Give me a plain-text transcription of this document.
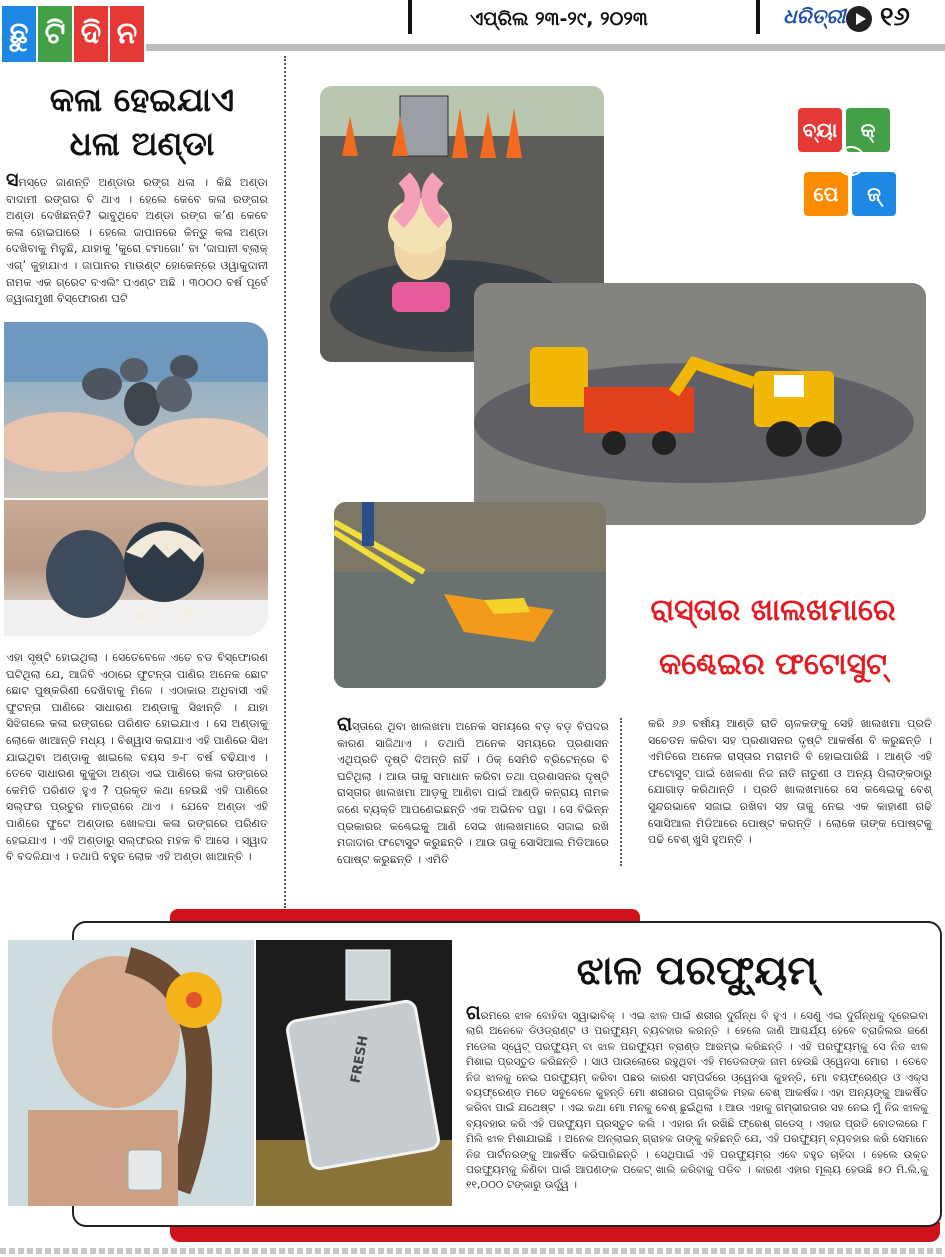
ଛୁ ଟି ଦି ନ	ଏପ୍ରିଲ ୨୩-୨୯, ୨୦୨୩	ଧରିତ୍ରୀ ୧୬
କଳା ହେଇଯାଏ
ଧଳା ଅଣ୍ଡା
ସମସ୍ତେ ଜାଣନ୍ତି ଅଣ୍ଡାର ରଙ୍ଗ ଧଳା । କିଛି ଅଣ୍ଡା ବାଦାମୀ ରଙ୍ଗର ବି ଥାଏ । ହେଲେ କେବେ କଳା ରଙ୍ଗର ଅଣ୍ଡା ଦେଖିଛନ୍ତି? ଭାବୁଥିବେ ଅଣ୍ଡା ରଙ୍ଗ କ’ଣ କେବେ କଳା ହୋଇପାରେ । ହେଲେ ଜାପାନରେ କିନ୍ତୁ କଳା ଅଣ୍ଡା ଦେଖିବାକୁ ମିଳୁଛି, ଯାହାକୁ ‘କୁରୋ ଟମାଗୋ’ ବା ‘ଜାପାନୀ ବ୍ଲାକ୍ ଏଗ୍’ କୁହାଯାଏ । ଜାପାନର ମାଉଣ୍ଟ ହୋକେନ୍‌ରେ ଓୱାକୁଦାନୀ ନାମକ ଏକ ଗ୍ରେଟ ବଏଲିଂ ପଏଣ୍ଟ ଅଛି । ୩୦୦୦ ବର୍ଷ ପୂର୍ବେ ଜ୍ୱାଳାମୁଖୀ ବିସ୍ଫୋରଣ ଘଟି
ଏହା ସୃଷ୍ଟି ହୋଇଥିଲା । ସେତେବେଳେ ଏତେ ବଡ ବିସ୍ଫୋରଣ ଘଟିଥିଲା ଯେ, ଆଜିବି ଏଠାରେ ଫୁଟନ୍ତା ପାଣିର ଅନେକ ଛୋଟ ଛୋଟ ପୁଷ୍କରିଣୀ ଦେଖିବାକୁ ମିଳେ । ଏଠାକାର ଅଧିବାସୀ ଏହି ଫୁଟନ୍ତା ପାଣିରେ ସାଧାରଣ ଅଣ୍ଡାକୁ ସିଝାନ୍ତି । ଯାହା ସିଝିଗଲେ କଳା ରଙ୍ଗରେ ପରିଣତ ହୋଇଯାଏ । ସେ ଅଣ୍ଡାକୁ ଲୋକେ ଖାଆନ୍ତି ମଧ୍ୟ । ବିଶ୍ୱାସ କରାଯାଏ ଏହି ପାଣିରେ ସିଝା ଯାଇଥିବା ଅଣ୍ଡାକୁ ଖାଇଲେ ବୟସ ୭-୮ ବର୍ଷ ବଢିଯାଏ । ତେବେ ସାଧାରଣ କୁକୁଡା ଅଣ୍ଡା ଏଇ ପାଣିରେ କଳା ରଙ୍ଗରେ କେମିତି ପରିଣତ ହୁଏ ? ପ୍ରକୃତ କଥା ହେଉଛି ଏହି ପାଣିରେ ସଲ୍ଫର ପ୍ରଚୁର ମାତ୍ରାରେ ଥାଏ । ଯେବେ ଅଣ୍ଡା ଏହି ପାଣିରେ ଫୁଟେ ଅଣ୍ଡାର ଖୋଳପା କଳା ରଙ୍ଗରେ ପରିଣତ ହେଇଯାଏ । ଏହି ଅଣ୍ଡାରୁ ସଲ୍ଫରର ମହକ ବି ଆସେ । ସ୍ୱାଦ ବି ବଦଳିଯାଏ । ତଥାପି ବହୁତ ଲୋକ ଏହି ଅଣ୍ଡା ଖାଆନ୍ତି ।
ବ୍ୟା	କ୍
ପେ	ଜ୍
ରାସ୍ତାର ଖାଲଖମାରେ
କଣ୍ଢେଇର ଫଟୋସୁଟ୍
ରାସ୍ତାରେ ଥିବା ଖାଲଖମା ଅନେକ ସମୟରେ ବଡ଼ ବଡ଼ ବିପଦର କାରଣ ସାଜିଥାଏ । ତଥାପି ଅନେକ ସମୟରେ ପ୍ରଶାସନ ଏଥିପ୍ରତି ଦୃଷ୍ଟି ଦିଅନ୍ତି ନାହିଁ । ଠିକ୍ ସେମିତି ବ୍ରିଟେନ୍‌ରେ ବି ଘଟିଥିଲା । ଆଉ ତାକୁ ସମାଧାନ କରିବା ତଥା ପ୍ରଶାସନର ଦୃଷ୍ଟି ରାସ୍ତାର ଖାଲଖମା ଆଡ଼କୁ ଆଣିବା ପାଇଁ ଆଣ୍ଡି କନ୍‌ରାୟ ନାମକ ଜଣେ ବ୍ୟକ୍ତି ଆପଣେଇଛନ୍ତି ଏକ ଅଭିନବ ପନ୍ଥା । ସେ ବିଭିନ୍ନ ପ୍ରକାରର କଣ୍ଢେଇକୁ ଆଣି ସେଇ ଖାଲଖମାରେ ସଜାଇ ରଖି ମଜାଦାର ଫଟୋସୁଟ କରୁଛନ୍ତି । ଆଉ ତାକୁ ସୋସିଆଲ ମିଡିଆରେ ପୋଷ୍ଟ କରୁଛନ୍ତି । ଏମିତି
କରି ୬୬ ବର୍ଷୀୟ ଆଣ୍ଡି ରାତି ଚାଳକଙ୍କୁ ସେହି ଖାଲଖମା ପ୍ରତି ସଚେତନ କରିବା ସହ ପ୍ରଶାସନର ଦୃଷ୍ଟି ଆକର୍ଷଣ ବି କରୁଛନ୍ତି । ଏମିତିରେ ଅନେକ ରାସ୍ତାର ମରାମତି ବି ହୋଇପାରିଛି । ଆଣ୍ଡି ଏହି ଫଟୋସୁଟ୍ ପାଇଁ ଖେଳଣା ନିଜ ନାତି ନାତୁଣୀ ଓ ଅନ୍ୟ ପିଲାଙ୍କଠାରୁ ଯୋଗାଡ଼ କରିଥାନ୍ତି । ପ୍ରତି ଖାଲଖମାରେ ସେ କଣ୍ଢେଇକୁ ବେଶ୍ ସୁନ୍ଦରଭାବେ ସଜାଇ ରଖିବା ସହ ତାକୁ ନେଇ ଏକ କାହାଣୀ ଗଢି ସୋସିଆଲ ମିଡିଆରେ ପୋଷ୍ଟ କରନ୍ତି । ଲୋକେ ତାଙ୍କ ପୋଷ୍ଟକୁ ପଢି ବେଶ୍ ଖୁସି ହୁଅନ୍ତି ।
FRESH
ଝାଳ ପରଫ୍ୟୁମ୍
ଗରମରେ ଝାଳ ବୋହିବା ସ୍ୱାଭାବିକ୍ । ଏଇ ଝାଳ ପାଇଁ ଶରୀର ଦୁର୍ଗନ୍ଧ ବି ହୁଏ । ସେଣୁ ଏଇ ଦୁର୍ଗନ୍ଧକୁ ଦୂରେଇବା ଲାଗି ଅନେକେ ଡିଓଡ୍ରାଣ୍ଟ ଓ ପରଫ୍ୟୁମ୍ ବ୍ୟବହାର କରନ୍ତି । ହେଲେ ଜାଣି ଆଶ୍ଚର୍ଯ୍ୟ ହେବେ ବ୍ରାଜିଲର ଜଣେ ମଡେଲ ସ୍ୱେଟ୍ ପରଫ୍ୟୁମ୍ ବା ଝାଳ ପରଫ୍ୟୁମ ବ୍ରାଣ୍ଡ ଆରମ୍ଭ କରିଛନ୍ତି । ଏହି ପରଫ୍ୟୁମ୍‌କୁ ସେ ନିଜ ଝାଳ ମିଶାଇ ପ୍ରସ୍ତୁତ କରିଛନ୍ତି । ସାଓ ପାଉଲୋରେ ରହୁଥିବା ଏହି ମଡେଲଙ୍କ ନାମ ହେଉଛି ଓ୍ୱେନସା ମୋରା । ତେବେ ନିଜ ଝାଳକୁ ନେଇ ପରଫ୍ୟୁମ୍ କରିବା ପଛର କାରଣ ସମ୍ପର୍କରେ ଓ୍ୱେନସା କୁହନ୍ତି, ମୋ ବୟଫ୍ରେଣ୍ଡ ଓ ଏକ୍ସ ବୟଫ୍ରେଣ୍ଡ ମତେ ସବୁବେଳେ କୁହନ୍ତି ମୋ ଶରୀରର ପ୍ରାକୃତିକ ମହକ ବେଶ୍ ଆକର୍ଷକ। ଏହା ଅନ୍ୟଙ୍କୁ ଆକର୍ଷିତ କରିବା ପାଇଁ ଯଥେଷ୍ଟ । ଏଇ କଥା ମୋ ମନକୁ ବେଶ୍ ଛୁଇଁଥିଲା । ଆଉ ଏହାକୁ ଗମ୍ଭୀରତାର ସହ ନେଇ ମୁଁ ନିଜ ଝାଳକୁ ବ୍ୟବହାର କରି ଏହି ପରଫ୍ୟୁମ ପ୍ରସ୍ତୁତ କଲି । ଏହାର ନାଁ ରଖିଛି ଫ୍ରେଶ୍ ଗଡେସ୍ । ଏହାର ପ୍ରତି ବୋତଲରେ ୮ ମିଲି ଝାଳ ମିଶାଯାଇଛି । ଅନେକ ଅନ୍‌ଲାଇନ୍ ଗ୍ରାହକ ତାଙ୍କୁ କହିଛନ୍ତି ଯେ, ଏହି ପରଫ୍ୟୁମ୍ ବ୍ୟବହାର କରି ସେମାନେ ନିଜ ପାର୍ଟନରଙ୍କୁ ଆକର୍ଷିତ କରିପାରିଛନ୍ତି । ସେଥିପାଇଁ ଏହି ପରଫ୍ୟୁମ୍‌ର ଏବେ ବହୁତ ଚାହିଦା । ହେଲେ ଉକ୍ତ ପରଫ୍ୟୁମ୍‌କୁ କିଣିବା ପାଇଁ ଆପଣଙ୍କ ପକେଟ୍ ଖାଲି କରିବାକୁ ପଡିବ । କାରଣ ଏହାର ମୂଲ୍ୟ ହେଉଛି ୫୦ ମି.ଲି.କୁ ୧୧,୦୦୦ ଟଙ୍କାରୁ ଊର୍ଦ୍ଧ୍ୱ ।
